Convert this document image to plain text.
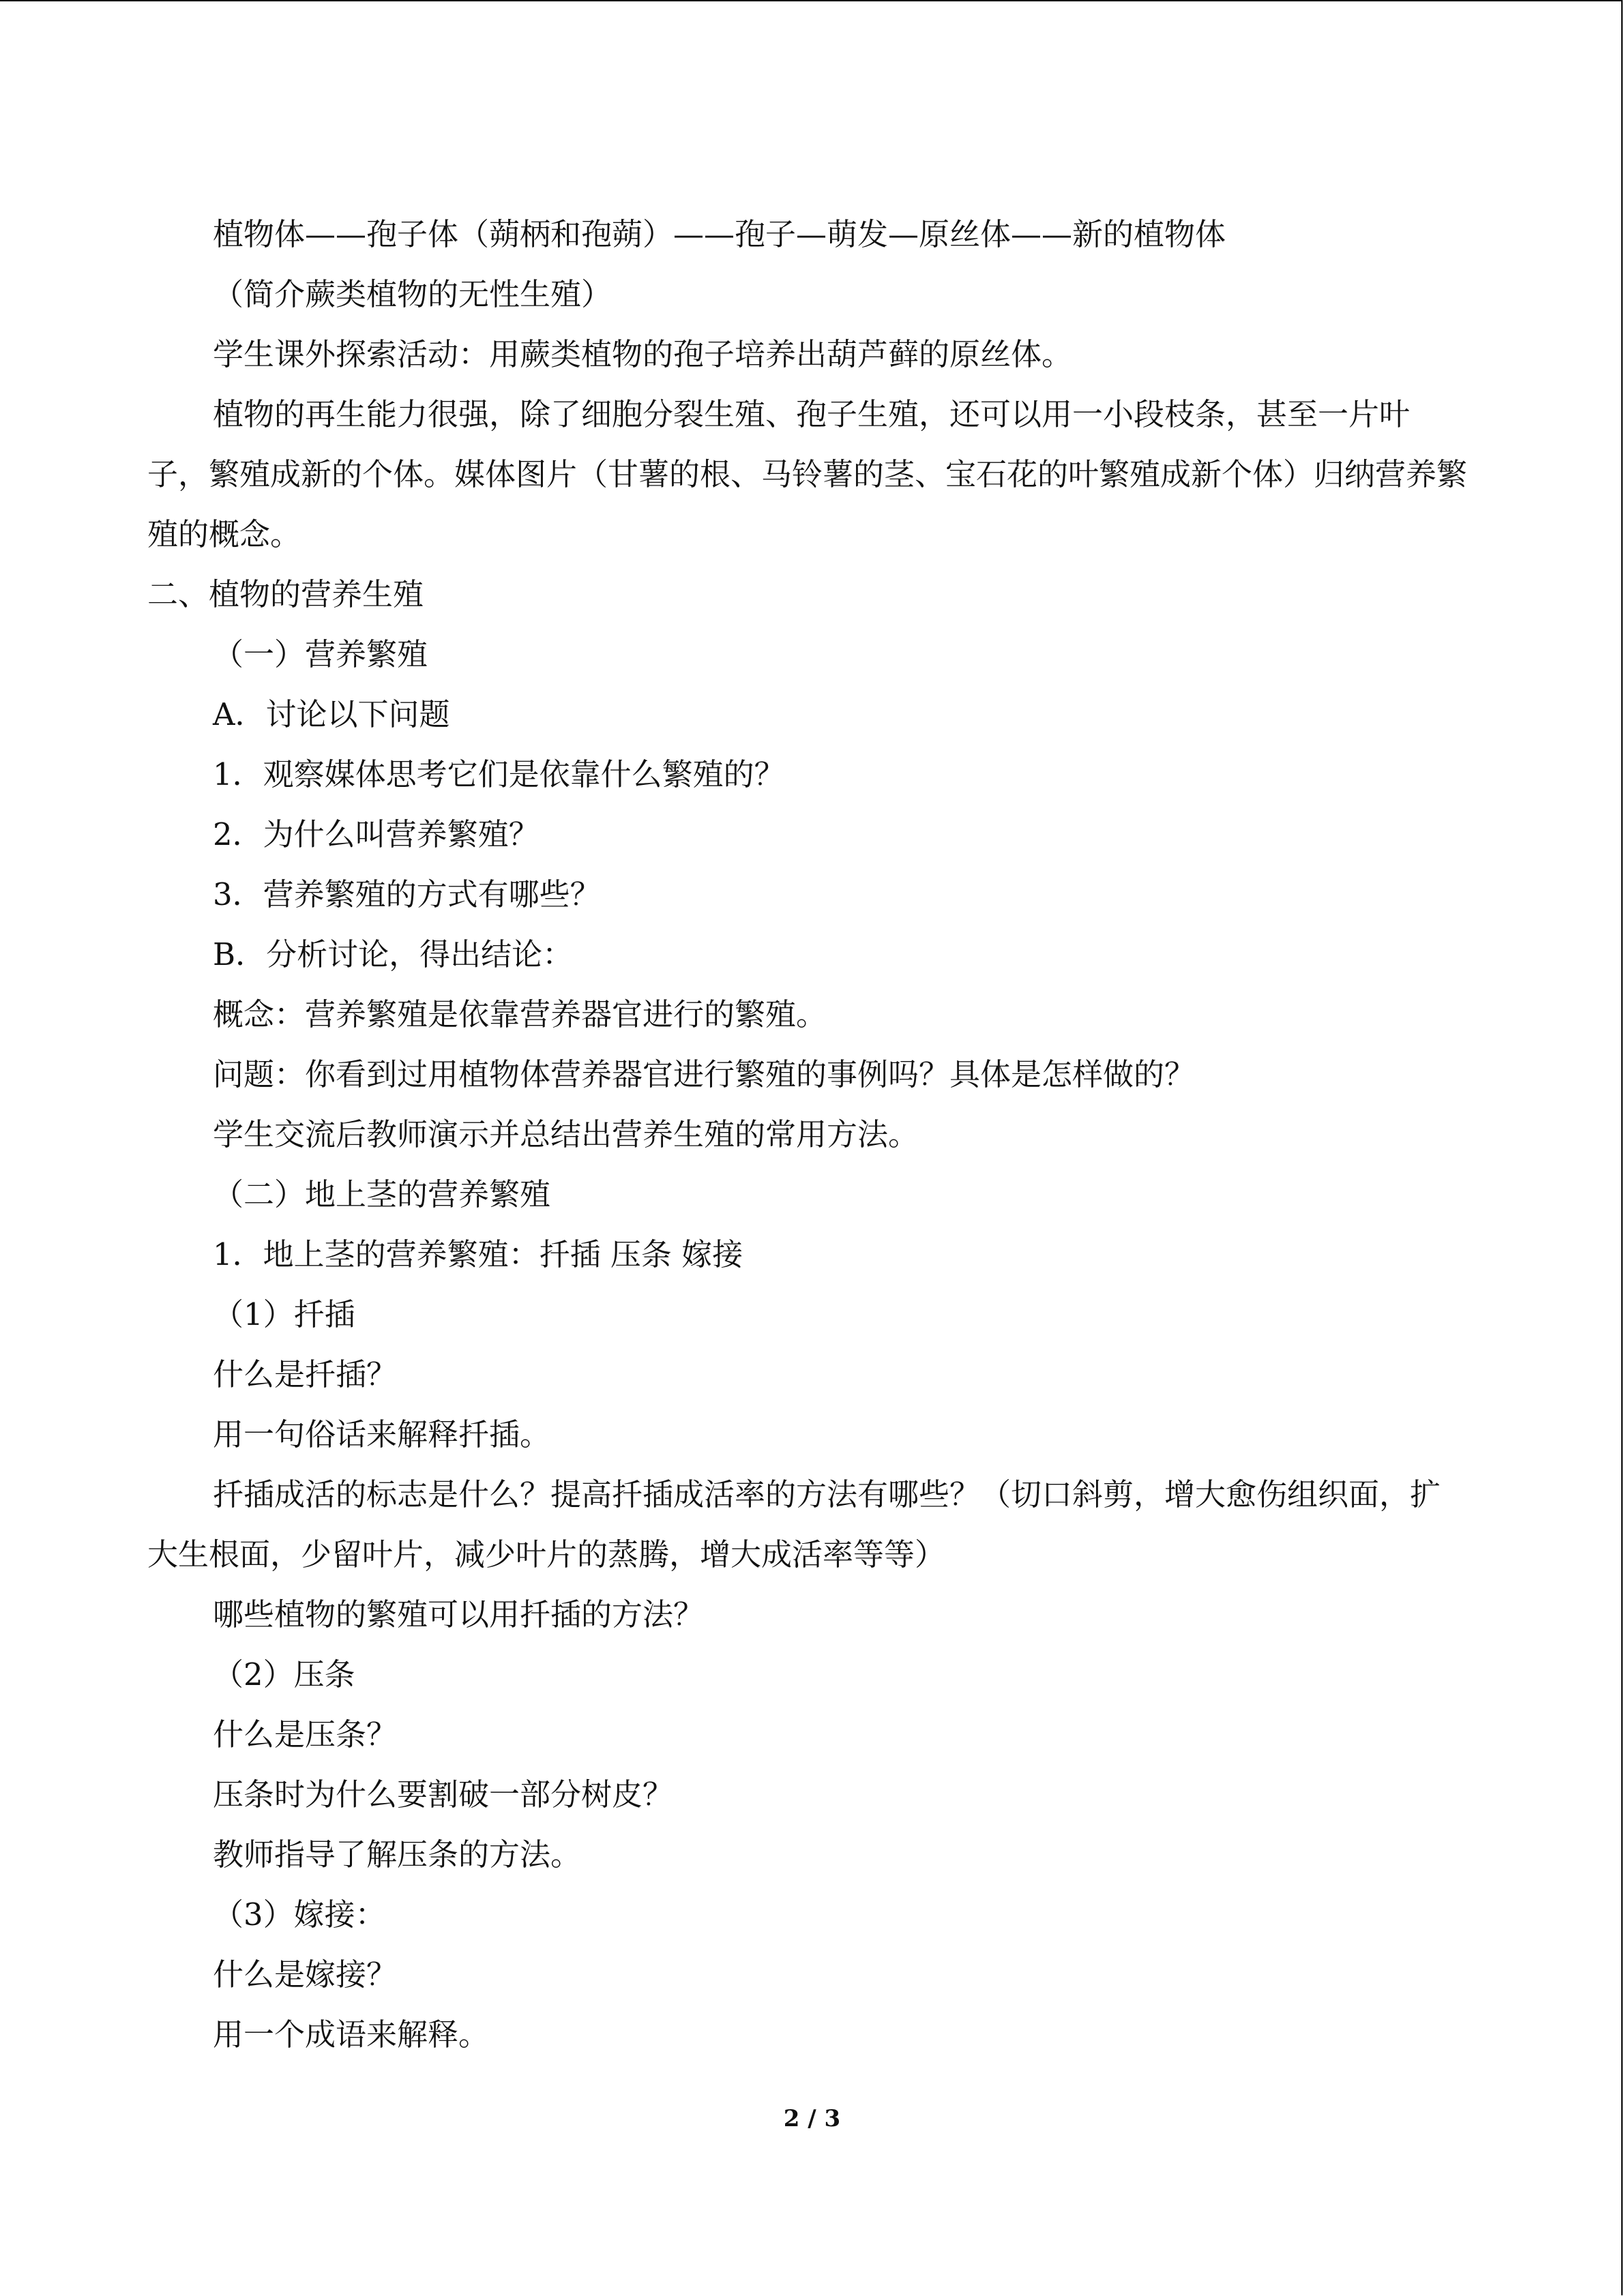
植物体——孢子体（蒴柄和孢蒴）——孢子—萌发—原丝体——新的植物体

（简介蕨类植物的无性生殖）

学生课外探索活动：用蕨类植物的孢子培养出葫芦藓的原丝体。

植物的再生能力很强，除了细胞分裂生殖、孢子生殖，还可以用一小段枝条，甚至一片叶子，繁殖成新的个体。媒体图片（甘薯的根、马铃薯的茎、宝石花的叶繁殖成新个体）归纳营养繁殖的概念。

二、植物的营养生殖

（一）营养繁殖

A．讨论以下问题

1．观察媒体思考它们是依靠什么繁殖的？

2．为什么叫营养繁殖？

3．营养繁殖的方式有哪些？

B．分析讨论，得出结论：

概念：营养繁殖是依靠营养器官进行的繁殖。

问题：你看到过用植物体营养器官进行繁殖的事例吗？具体是怎样做的？

学生交流后教师演示并总结出营养生殖的常用方法。

（二）地上茎的营养繁殖

1．地上茎的营养繁殖：扦插 压条 嫁接

（1）扦插

什么是扦插？

用一句俗话来解释扦插。

扦插成活的标志是什么？提高扦插成活率的方法有哪些？（切口斜剪，增大愈伤组织面，扩大生根面，少留叶片，减少叶片的蒸腾，增大成活率等等）

哪些植物的繁殖可以用扦插的方法？

（2）压条

什么是压条？

压条时为什么要割破一部分树皮？

教师指导了解压条的方法。

（3）嫁接：

什么是嫁接？

用一个成语来解释。

2 / 3
